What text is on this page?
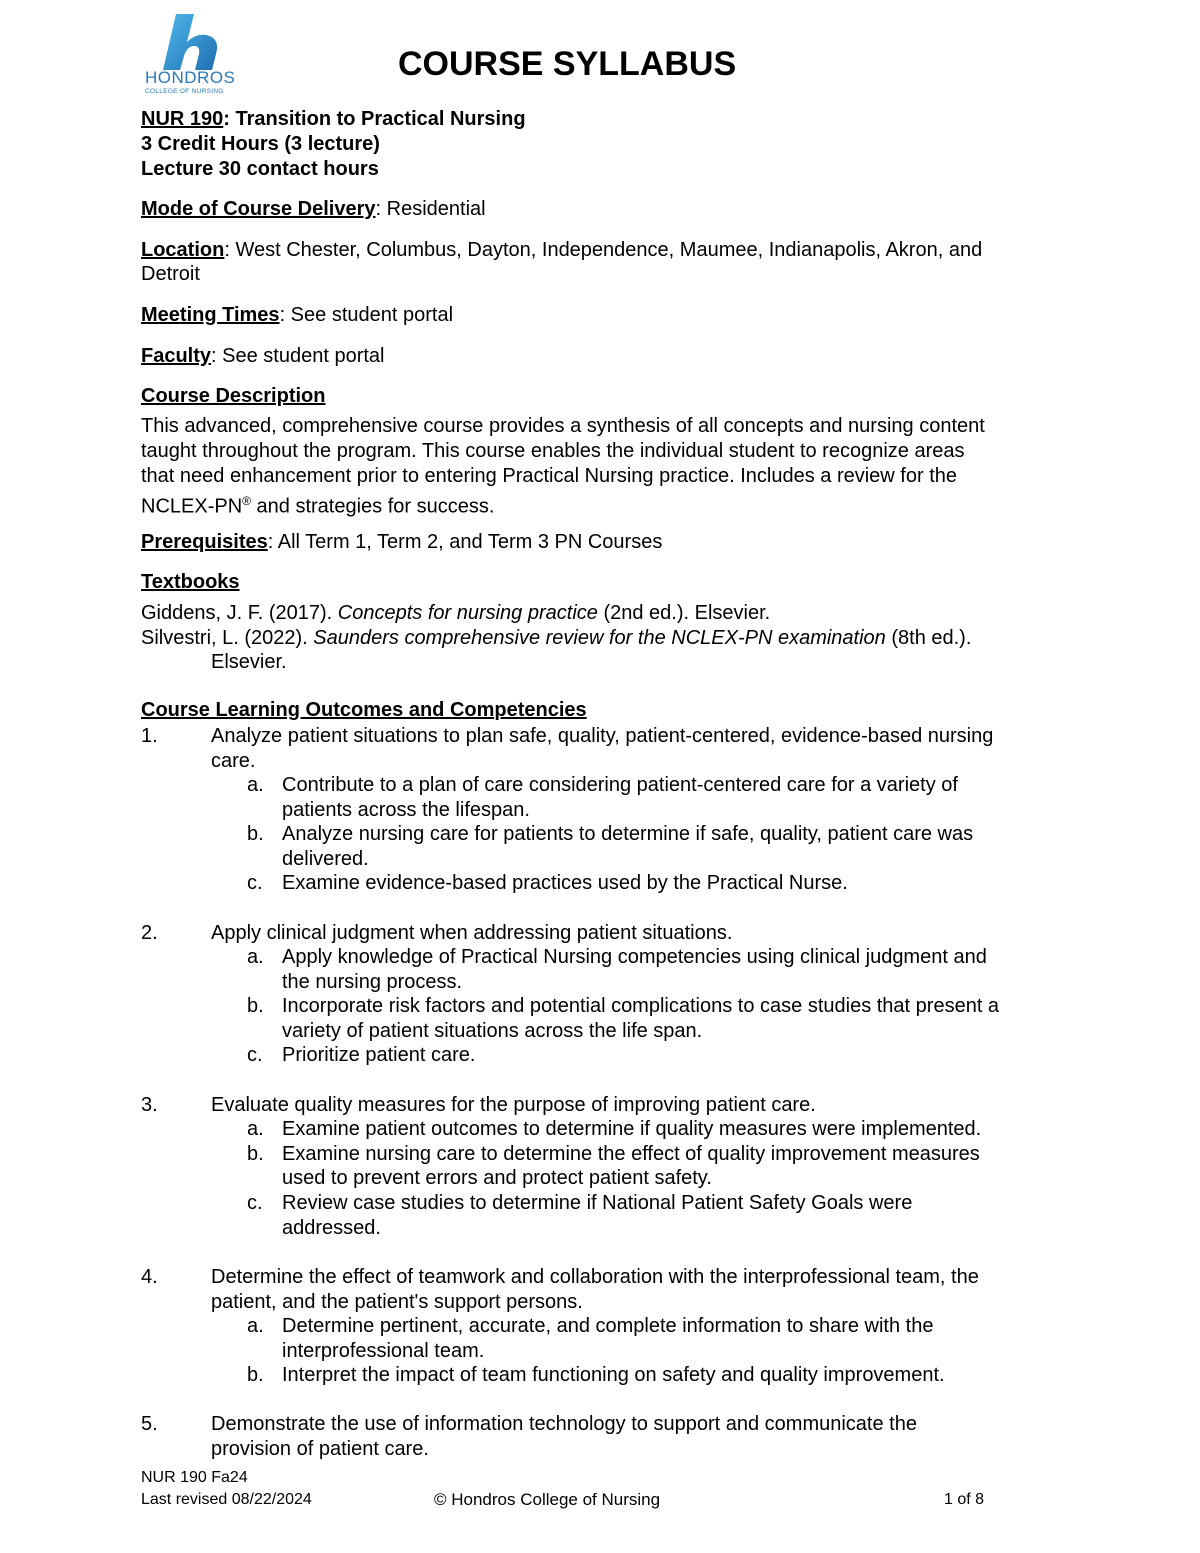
HONDROS
COLLEGE OF NURSING
COURSE SYLLABUS
NUR 190: Transition to Practical Nursing
3 Credit Hours (3 lecture)
Lecture 30 contact hours
Mode of Course Delivery: Residential
Location: West Chester, Columbus, Dayton, Independence, Maumee, Indianapolis, Akron, and
Detroit
Meeting Times: See student portal
Faculty: See student portal
Course Description
This advanced, comprehensive course provides a synthesis of all concepts and nursing content
taught throughout the program. This course enables the individual student to recognize areas
that need enhancement prior to entering Practical Nursing practice. Includes a review for the
NCLEX-PN® and strategies for success.
Prerequisites: All Term 1, Term 2, and Term 3 PN Courses
Textbooks
Giddens, J. F. (2017). Concepts for nursing practice (2nd ed.). Elsevier.
Silvestri, L. (2022). Saunders comprehensive review for the NCLEX-PN examination (8th ed.).
Elsevier.
Course Learning Outcomes and Competencies
1.	Analyze patient situations to plan safe, quality, patient-centered, evidence-based nursing
care.
a. Contribute to a plan of care considering patient-centered care for a variety of
patients across the lifespan.
b. Analyze nursing care for patients to determine if safe, quality, patient care was
delivered.
c. Examine evidence-based practices used by the Practical Nurse.
2.	Apply clinical judgment when addressing patient situations.
a. Apply knowledge of Practical Nursing competencies using clinical judgment and
the nursing process.
b. Incorporate risk factors and potential complications to case studies that present a
variety of patient situations across the life span.
c. Prioritize patient care.
3.	Evaluate quality measures for the purpose of improving patient care.
a. Examine patient outcomes to determine if quality measures were implemented.
b. Examine nursing care to determine the effect of quality improvement measures
used to prevent errors and protect patient safety.
c. Review case studies to determine if National Patient Safety Goals were
addressed.
4.	Determine the effect of teamwork and collaboration with the interprofessional team, the
patient, and the patient's support persons.
a. Determine pertinent, accurate, and complete information to share with the
interprofessional team.
b. Interpret the impact of team functioning on safety and quality improvement.
5.	Demonstrate the use of information technology to support and communicate the
provision of patient care.
NUR 190 Fa24
Last revised 08/22/2024	© Hondros College of Nursing	1 of 8
